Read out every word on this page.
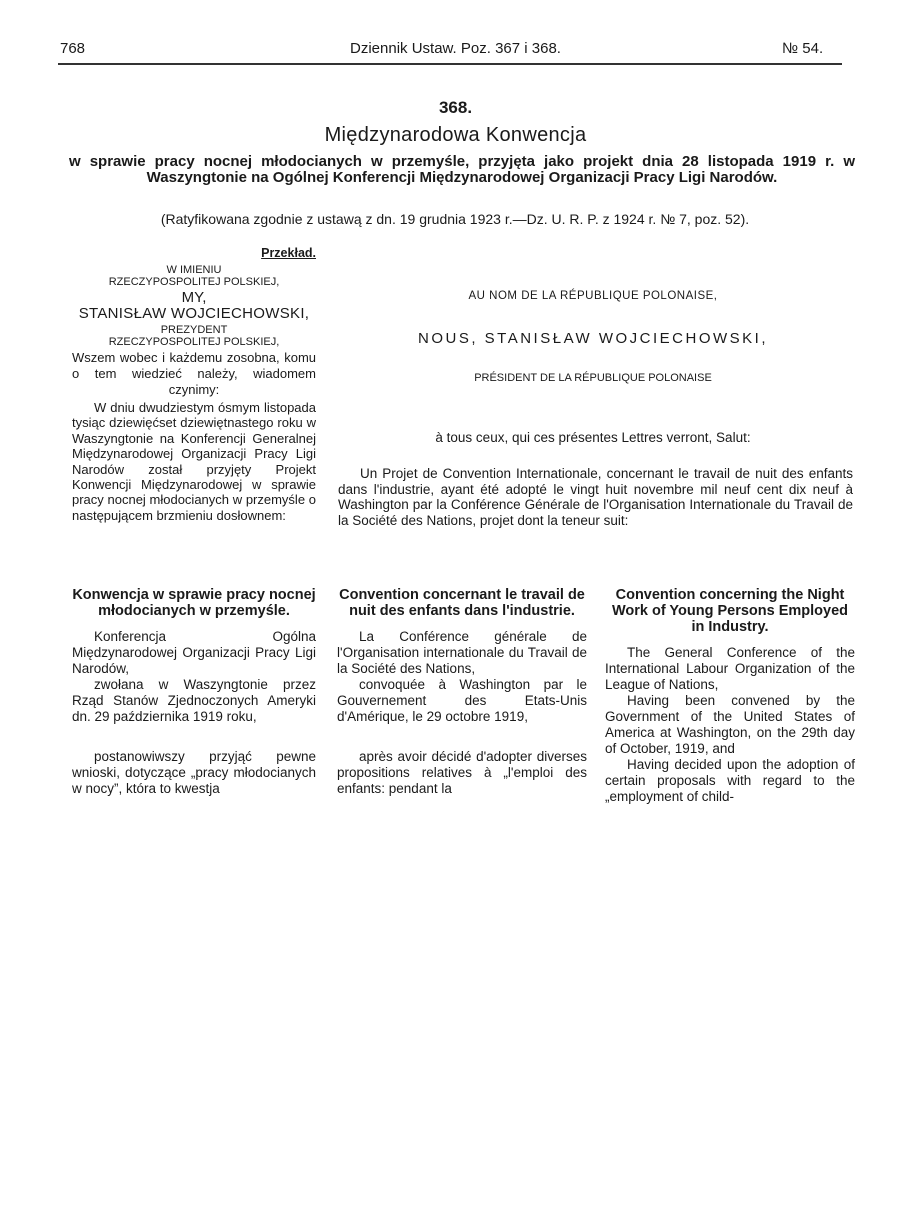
768	Dziennik Ustaw. Poz. 367 i 368.	№ 54.
368.
Międzynarodowa Konwencja
w sprawie pracy nocnej młodocianych w przemyśle, przyjęta jako projekt dnia 28 listopada 1919 r. w Waszyngtonie na Ogólnej Konferencji Międzynarodowej Organizacji Pracy Ligi Narodów.
(Ratyfikowana zgodnie z ustawą z dn. 19 grudnia 1923 r.—Dz. U. R. P. z 1924 r. № 7, poz. 52).
Przekład.
W IMIENIU
RZECZYPOSPOLITEJ POLSKIEJ,
MY,
STANISŁAW WOJCIECHOWSKI,
PREZYDENT
RZECZYPOSPOLITEJ POLSKIEJ,
Wszem wobec i każdemu zosobna, komu o tem wiedzieć należy, wiadomem czynimy:
W dniu dwudziestym ósmym listopada tysiąc dziewięćset dziewiętnastego roku w Waszyngtonie na Konferencji Generalnej Międzynarodowej Organizacji Pracy Ligi Narodów został przyjęty Projekt Konwencji Międzynarodowej w sprawie pracy nocnej młodocianych w przemyśle o następującem brzmieniu dosłownem:
AU NOM DE LA RÉPUBLIQUE POLONAISE,
NOUS, STANISŁAW WOJCIECHOWSKI,
PRÉSIDENT DE LA RÉPUBLIQUE POLONAISE
à tous ceux, qui ces présentes Lettres verront, Salut:
Un Projet de Convention Internationale, concernant le travail de nuit des enfants dans l'industrie, ayant été adopté le vingt huit novembre mil neuf cent dix neuf à Washington par la Conférence Générale de l'Organisation Internationale du Travail de la Société des Nations, projet dont la teneur suit:
Konwencja w sprawie pracy nocnej młodocianych w przemyśle.
Konferencja Ogólna Międzynarodowej Organizacji Pracy Ligi Narodów,
zwołana w Waszyngtonie przez Rząd Stanów Zjednoczonych Ameryki dn. 29 października 1919 roku,
postanowiwszy przyjąć pewne wnioski, dotyczące „pracy młodocianych w nocy”, która to kwestja
Convention concernant le travail de nuit des enfants dans l'industrie.
La Conférence générale de l'Organisation internationale du Travail de la Société des Nations,
convoquée à Washington par le Gouvernement des Etats-Unis d'Amérique, le 29 octobre 1919,
après avoir décidé d'adopter diverses propositions relatives à „l'emploi des enfants: pendant la
Convention concerning the Night Work of Young Persons Employed in Industry.
The General Conference of the International Labour Organization of the League of Nations,
Having been convened by the Government of the United States of America at Washington, on the 29th day of October, 1919, and
Having decided upon the adoption of certain proposals with regard to the „employment of child-
